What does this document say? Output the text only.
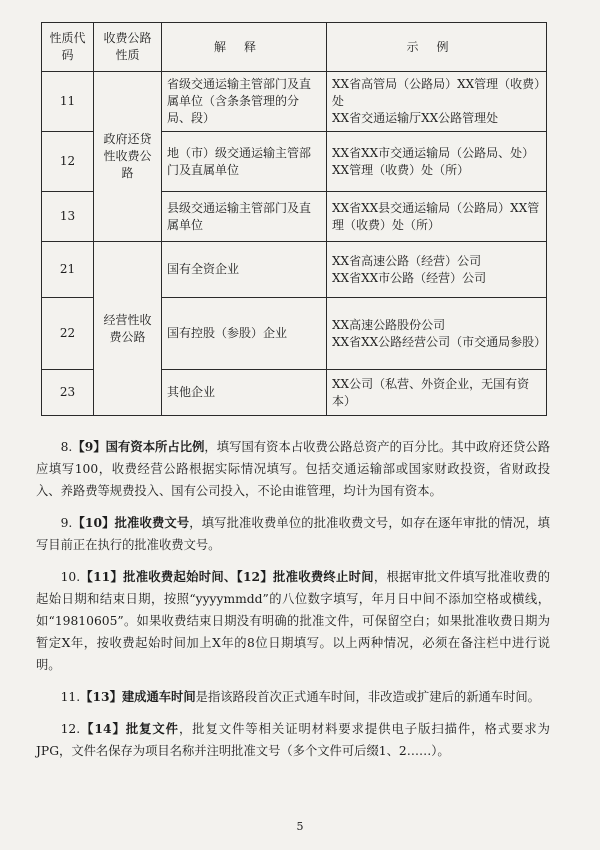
性质代码	收费公路性质	解释	示例
11	政府还贷性收费公路	省级交通运输主管部门及直属单位（含条条管理的分局、段）	XX省高管局（公路局）XX管理（收费）处
XX省交通运输厅XX公路管理处
12		地（市）级交通运输主管部门及直属单位	XX省XX市交通运输局（公路局、处）XX管理（收费）处（所）
13		县级交通运输主管部门及直属单位	XX省XX县交通运输局（公路局）XX管理（收费）处（所）
21	经营性收费公路	国有全资企业	XX省高速公路（经营）公司
XX省XX市公路（经营）公司
22		国有控股（参股）企业	XX高速公路股份公司
XX省XX公路经营公司（市交通局参股）
23		其他企业	XX公司（私营、外资企业，无国有资本）

8.【9】国有资本所占比例，填写国有资本占收费公路总资产的百分比。其中政府还贷公路应填写100，收费经营公路根据实际情况填写。包括交通运输部或国家财政投资，省财政投入、养路费等规费投入、国有公司投入，不论由谁管理，均计为国有资本。

9.【10】批准收费文号，填写批准收费单位的批准收费文号，如存在逐年审批的情况，填写目前正在执行的批准收费文号。

10.【11】批准收费起始时间、【12】批准收费终止时间，根据审批文件填写批准收费的起始日期和结束日期，按照“yyyymmdd”的八位数字填写，年月日中间不添加空格或横线，如“19810605”。如果收费结束日期没有明确的批准文件，可保留空白；如果批准收费日期为暂定X年，按收费起始时间加上X年的8位日期填写。以上两种情况，必须在备注栏中进行说明。

11.【13】建成通车时间是指该路段首次正式通车时间，非改造或扩建后的新通车时间。

12.【14】批复文件，批复文件等相关证明材料要求提供电子版扫描件，格式要求为JPG，文件名保存为项目名称并注明批准文号（多个文件可后缀1、2……）。

5
